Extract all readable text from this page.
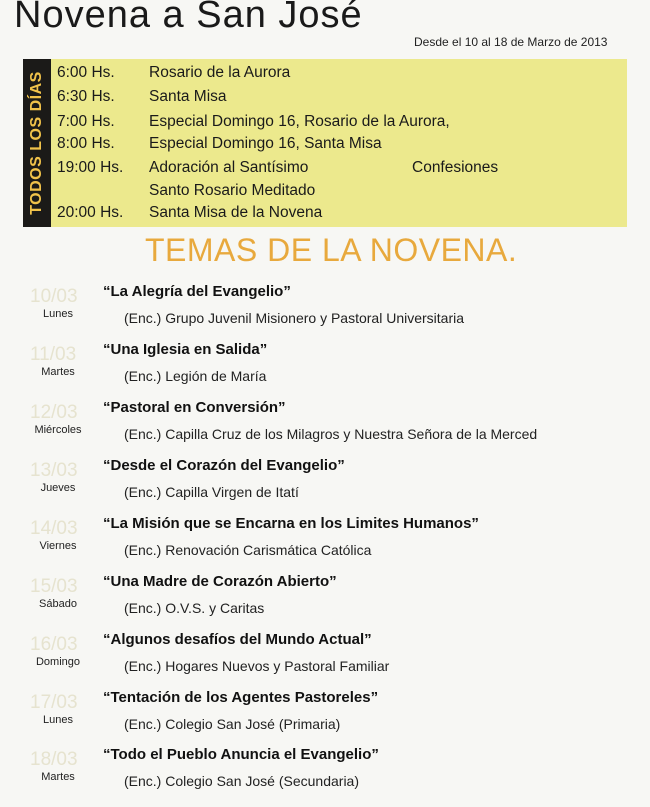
Novena a San José
Desde el 10 al 18 de Marzo de 2013
TODOS LOS DÍAS 6:00 Hs. Rosario de la Aurora
6:30 Hs. Santa Misa
7:00 Hs. Especial Domingo 16, Rosario de la Aurora,
8:00 Hs. Especial Domingo 16, Santa Misa
19:00 Hs. Adoración al Santísimo	Confesiones
Santo Rosario Meditado
20:00 Hs. Santa Misa de la Novena
TEMAS DE LA NOVENA.
10/03
Lunes
“La Alegría del Evangelio”
(Enc.) Grupo Juvenil Misionero y Pastoral Universitaria
11/03
Martes
“Una Iglesia en Salida”
(Enc.) Legión de María
12/03
Miércoles
“Pastoral en Conversión”
(Enc.) Capilla Cruz de los Milagros y Nuestra Señora de la Merced
13/03
Jueves
“Desde el Corazón del Evangelio”
(Enc.) Capilla Virgen de Itatí
14/03
Viernes
“La Misión que se Encarna en los Limites Humanos”
(Enc.) Renovación Carismática Católica
15/03
Sábado
“Una Madre de Corazón Abierto”
(Enc.) O.V.S. y Caritas
16/03
Domingo
“Algunos desafíos del Mundo Actual”
(Enc.) Hogares Nuevos y Pastoral Familiar
17/03
Lunes
“Tentación de los Agentes Pastoreles”
(Enc.) Colegio San José (Primaria)
18/03
Martes
“Todo el Pueblo Anuncia el Evangelio”
(Enc.) Colegio San José (Secundaria)
